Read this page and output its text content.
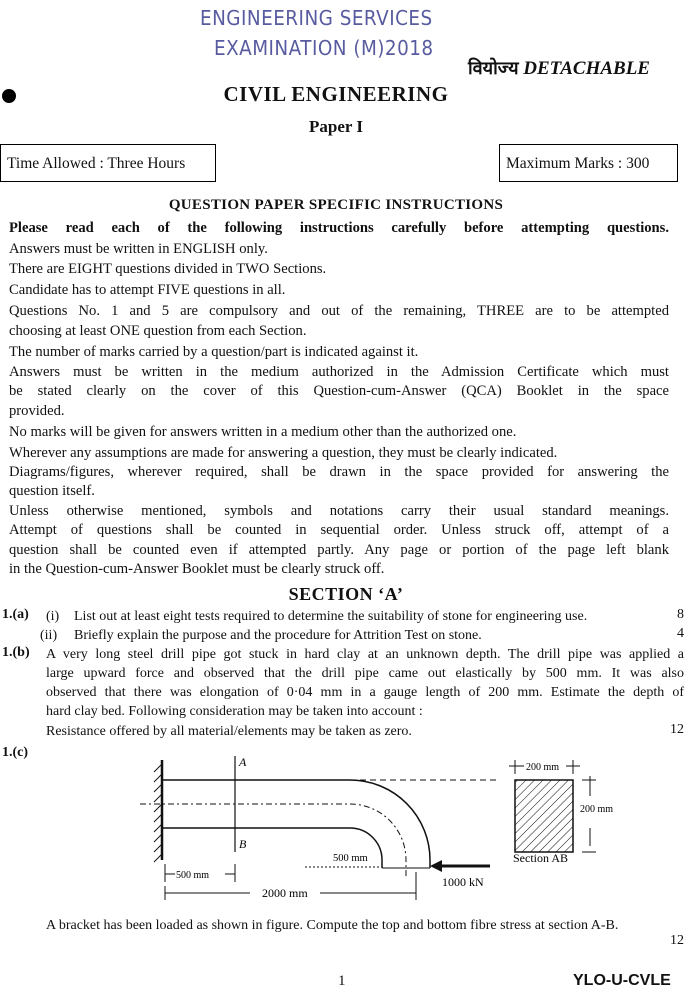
ENGINEERING SERVICES
EXAMINATION (M)2018
वियोज्य DETACHABLE
CIVIL ENGINEERING
Paper I
Time Allowed : Three Hours	Maximum Marks : 300
QUESTION PAPER SPECIFIC INSTRUCTIONS
Please read each of the following instructions carefully before attempting questions.
Answers must be written in ENGLISH only.
There are EIGHT questions divided in TWO Sections.
Candidate has to attempt FIVE questions in all.
Questions No. 1 and 5 are compulsory and out of the remaining, THREE are to be attempted
choosing at least ONE question from each Section.
The number of marks carried by a question/part is indicated against it.
Answers must be written in the medium authorized in the Admission Certificate which must
be stated clearly on the cover of this Question-cum-Answer (QCA) Booklet in the space
provided.
No marks will be given for answers written in a medium other than the authorized one.
Wherever any assumptions are made for answering a question, they must be clearly indicated.
Diagrams/figures, wherever required, shall be drawn in the space provided for answering the
question itself.
Unless otherwise mentioned, symbols and notations carry their usual standard meanings.
Attempt of questions shall be counted in sequential order. Unless struck off, attempt of a
question shall be counted even if attempted partly. Any page or portion of the page left blank
in the Question-cum-Answer Booklet must be clearly struck off.
SECTION ‘A’
1.(a) (i) List out at least eight tests required to determine the suitability of stone for engineering use.	8
(ii) Briefly explain the purpose and the procedure for Attrition Test on stone.	4
1.(b) A very long steel drill pipe got stuck in hard clay at an unknown depth. The drill pipe was applied a
large upward force and observed that the drill pipe came out elastically by 500 mm. It was also
observed that there was elongation of 0·04 mm in a gauge length of 200 mm. Estimate the depth of
hard clay bed. Following consideration may be taken into account :
Resistance offered by all material/elements may be taken as zero.	12
1.(c)
A
B
500 mm
1000 kN
500 mm
2000 mm
200 mm
200 mm
Section AB
A bracket has been loaded as shown in figure. Compute the top and bottom fibre stress at section A-B.
12
1	YLO-U-CVLE
